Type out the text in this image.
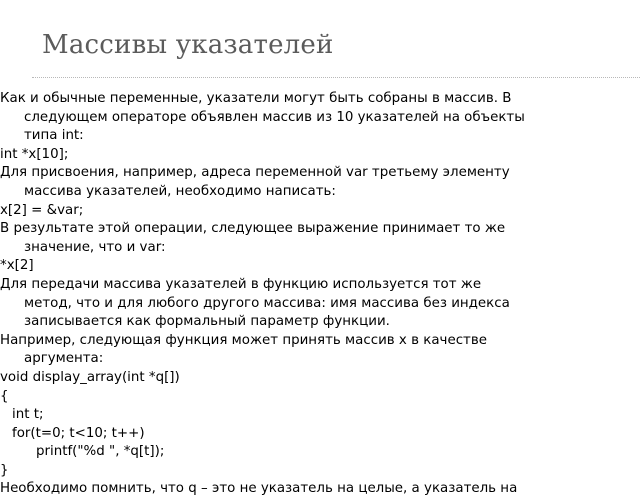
Массивы указателей

Как и обычные переменные, указатели могут быть собраны в массив. В

следующем операторе объявлен массив из 10 указателей на объекты

типа int:

int *x[10];

Для присвоения, например, адреса переменной var третьему элементу

массива указателей, необходимо написать:

x[2] = &var;

В результате этой операции, следующее выражение принимает то же

значение, что и var:

*x[2]

Для передачи массива указателей в функцию используется тот же

метод, что и для любого другого массива: имя массива без индекса

записывается как формальный параметр функции.

Например, следующая функция может принять массив x в качестве

аргумента:

void display_array(int *q[])

{

int t;

for(t=0; t<10; t++)

printf("%d ", *q[t]);

}

Необходимо помнить, что q – это не указатель на целые, а указатель на
